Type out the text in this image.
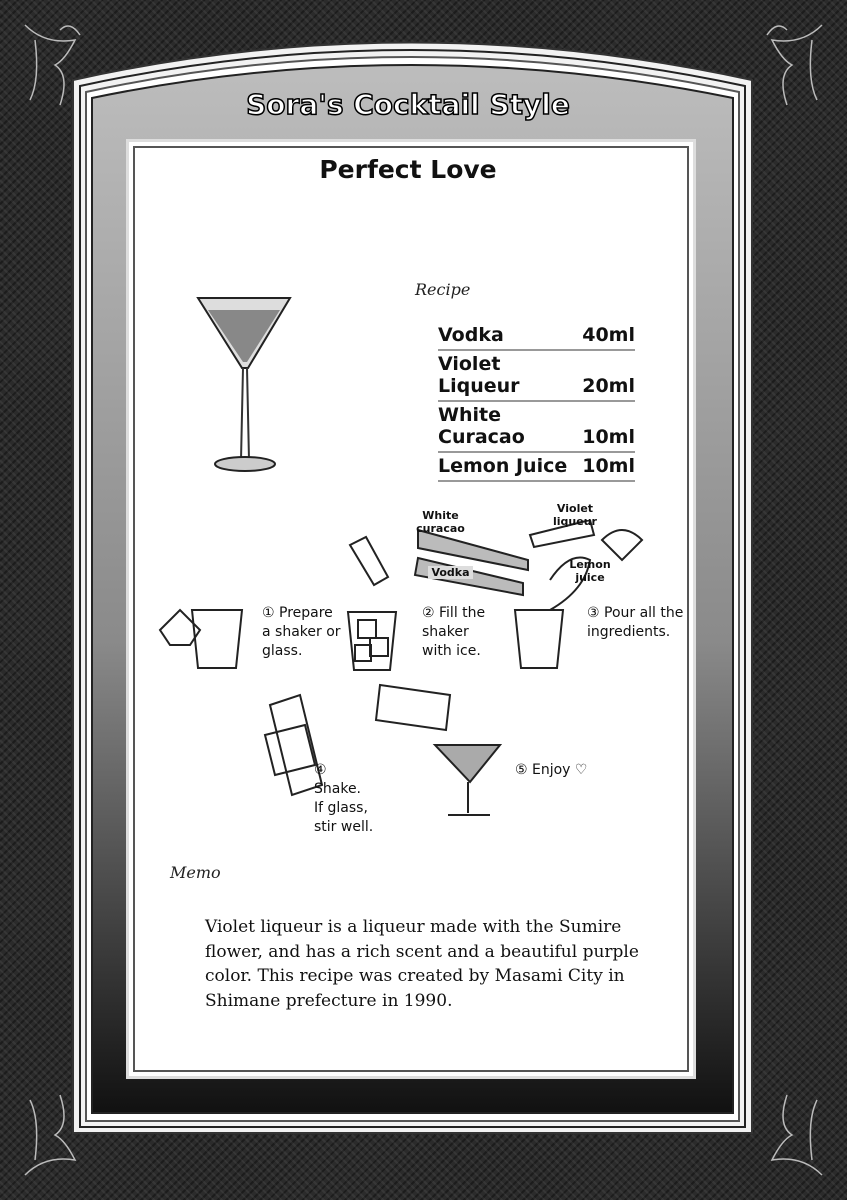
Sora's Cocktail Style
Perfect Love
Recipe
Vodka	40ml
Violet Liqueur	20ml
White Curacao	10ml
Lemon Juice 10ml
White curacao
Vodka
Violet liqueur
Lemon juice
① Prepare a shaker or glass.
② Fill the shaker with ice.
③ Pour all the ingredients.
④ Shake. If glass, stir well.
⑤ Enjoy ♡
Memo
Violet liqueur is a liqueur made with the Sumire flower, and has a rich scent and a beautiful purple color. This recipe was created by Masami City in Shimane prefecture in 1990.
